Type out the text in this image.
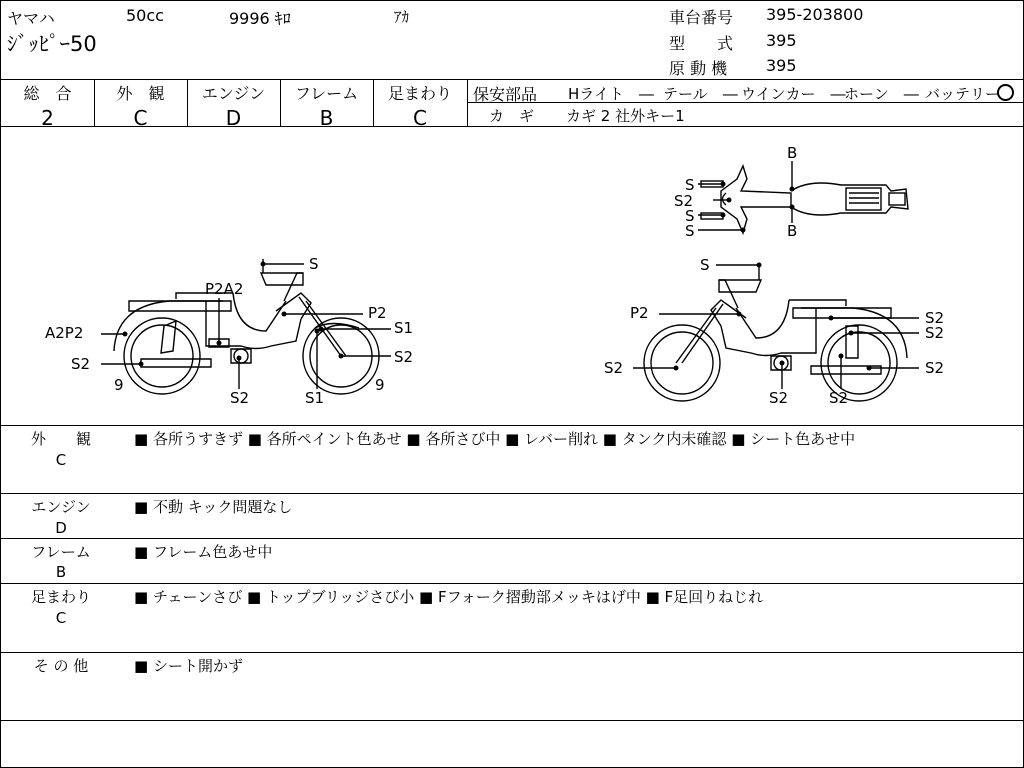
ヤマハ	50cc	9996 ｷﾛ	ｱｶ
ｼﾞｯﾋﾟｰ50
車台番号 395-203800
型　　式 395
原 動 機 395
総　合
2
外　観
C
エンジン
D
フレーム
B
足まわり
C
保安部品 Hライト　― テール　― ウインカー　―
ホーン　― バッテリー
カ　ギ カギ 2 社外キー1
B
B
S
S2
S
S
S
P2A2
P2
A2P2	S1
S2	S2
9	9
S2	S1
S
P2	S2
S2
S2	S2
S2	S2
外　　観
C
■ 各所うすきず ■ 各所ペイント色あせ ■ 各所さび中 ■ レバー削れ ■ タンク内未確認 ■ シート色あせ中
エンジン
D
■ 不動 キック問題なし
フレーム
B
■ フレーム色あせ中
足まわり
C
■ チェーンさび ■ トップブリッジさび小 ■ Fフォーク摺動部メッキはげ中 ■ F足回りねじれ
そ の 他	■ シート開かず
